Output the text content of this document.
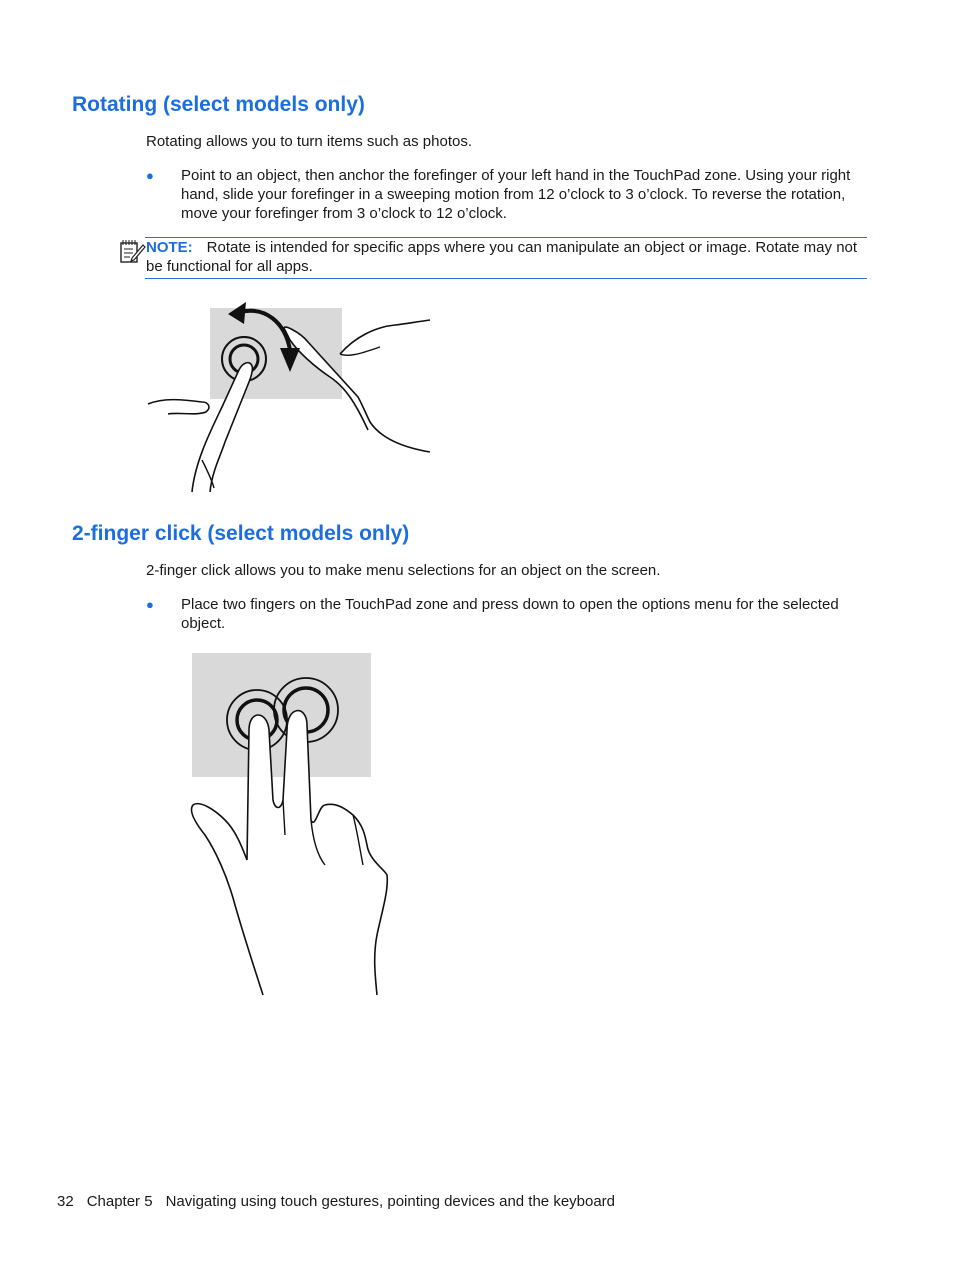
Rotating (select models only)

Rotating allows you to turn items such as photos.

● Point to an object, then anchor the forefinger of your left hand in the TouchPad zone. Using your right hand, slide your forefinger in a sweeping motion from 12 o’clock to 3 o’clock. To reverse the rotation, move your forefinger from 3 o’clock to 12 o’clock.

NOTE: Rotate is intended for specific apps where you can manipulate an object or image. Rotate may not be functional for all apps.

2-finger click (select models only)

2-finger click allows you to make menu selections for an object on the screen.

● Place two fingers on the TouchPad zone and press down to open the options menu for the selected object.

32 Chapter 5 Navigating using touch gestures, pointing devices and the keyboard
